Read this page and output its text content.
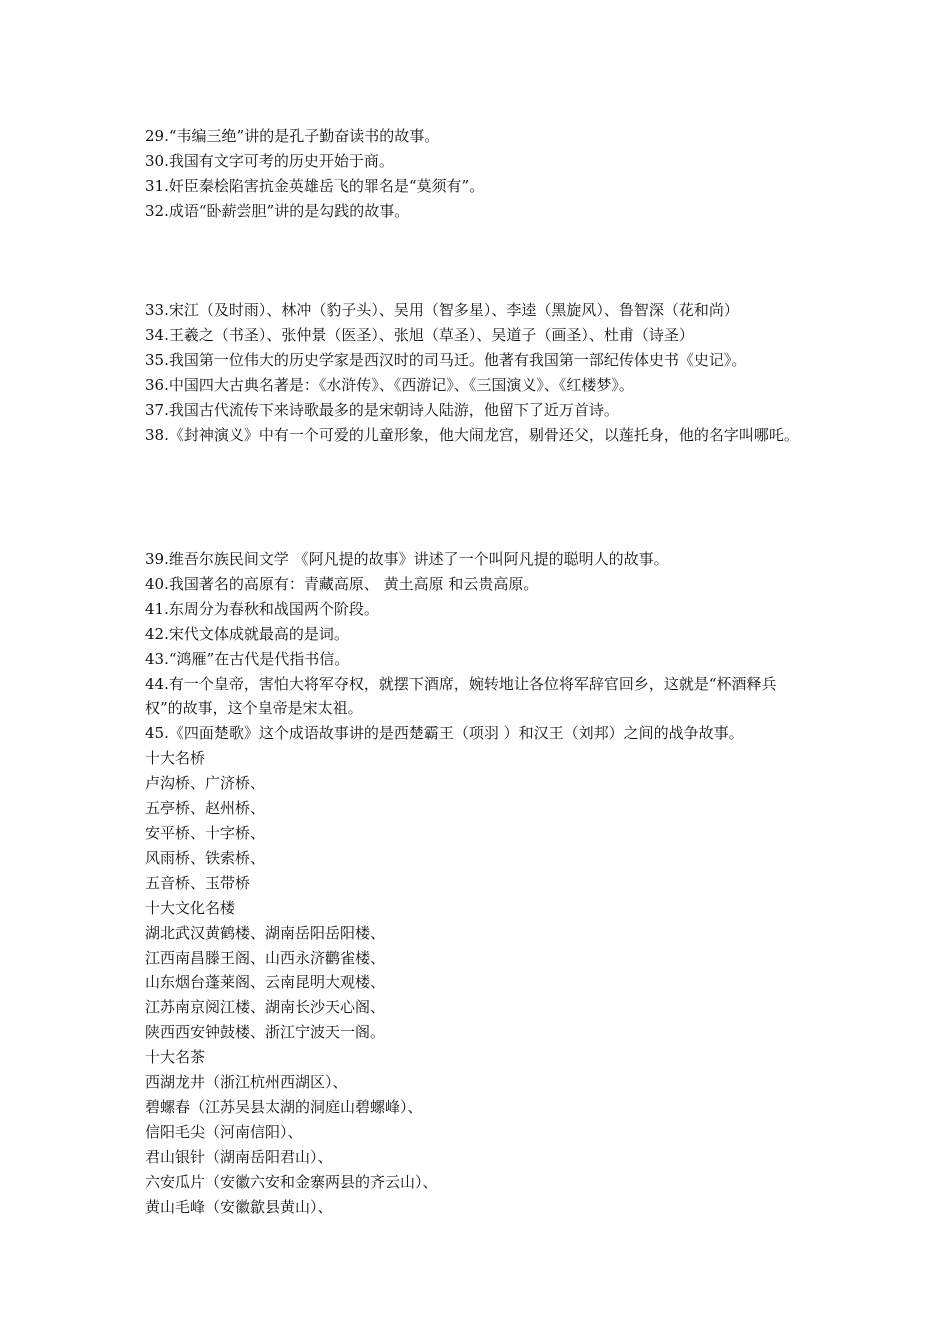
29.“韦编三绝”讲的是孔子勤奋读书的故事。

30.我国有文字可考的历史开始于商。

31.奸臣秦桧陷害抗金英雄岳飞的罪名是“莫须有”。

32.成语“卧薪尝胆”讲的是勾践的故事。

33.宋江（及时雨）、林冲（豹子头）、吴用（智多星）、李逵（黑旋风）、鲁智深（花和尚）

34.王羲之（书圣）、张仲景（医圣）、张旭（草圣）、吴道子（画圣）、杜甫（诗圣）

35.我国第一位伟大的历史学家是西汉时的司马迁。他著有我国第一部纪传体史书《史记》。

36.中国四大古典名著是：《水浒传》、《西游记》、《三国演义》、《红楼梦》。

37.我国古代流传下来诗歌最多的是宋朝诗人陆游，他留下了近万首诗。

38.《封神演义》中有一个可爱的儿童形象，他大闹龙宫，剔骨还父，以莲托身，他的名字叫哪吒。

39.维吾尔族民间文学 《阿凡提的故事》讲述了一个叫阿凡提的聪明人的故事。

40.我国著名的高原有：青藏高原、 黄土高原 和云贵高原。

41.东周分为春秋和战国两个阶段。

42.宋代文体成就最高的是词。

43.“鸿雁”在古代是代指书信。

44.有一个皇帝，害怕大将军夺权，就摆下酒席，婉转地让各位将军辞官回乡，这就是“杯酒释兵权”的故事，这个皇帝是宋太祖。

45.《四面楚歌》这个成语故事讲的是西楚霸王（项羽 ）和汉王（刘邦）之间的战争故事。

十大名桥

卢沟桥、广济桥、

五亭桥、赵州桥、

安平桥、十字桥、

风雨桥、铁索桥、

五音桥、玉带桥

十大文化名楼

湖北武汉黄鹤楼、湖南岳阳岳阳楼、

江西南昌滕王阁、山西永济鹳雀楼、

山东烟台蓬莱阁、云南昆明大观楼、

江苏南京阅江楼、湖南长沙天心阁、

陕西西安钟鼓楼、浙江宁波天一阁。

十大名茶

西湖龙井（浙江杭州西湖区）、

碧螺春（江苏吴县太湖的洞庭山碧螺峰）、

信阳毛尖（河南信阳）、

君山银针（湖南岳阳君山）、

六安瓜片（安徽六安和金寨两县的齐云山）、

黄山毛峰（安徽歙县黄山）、
